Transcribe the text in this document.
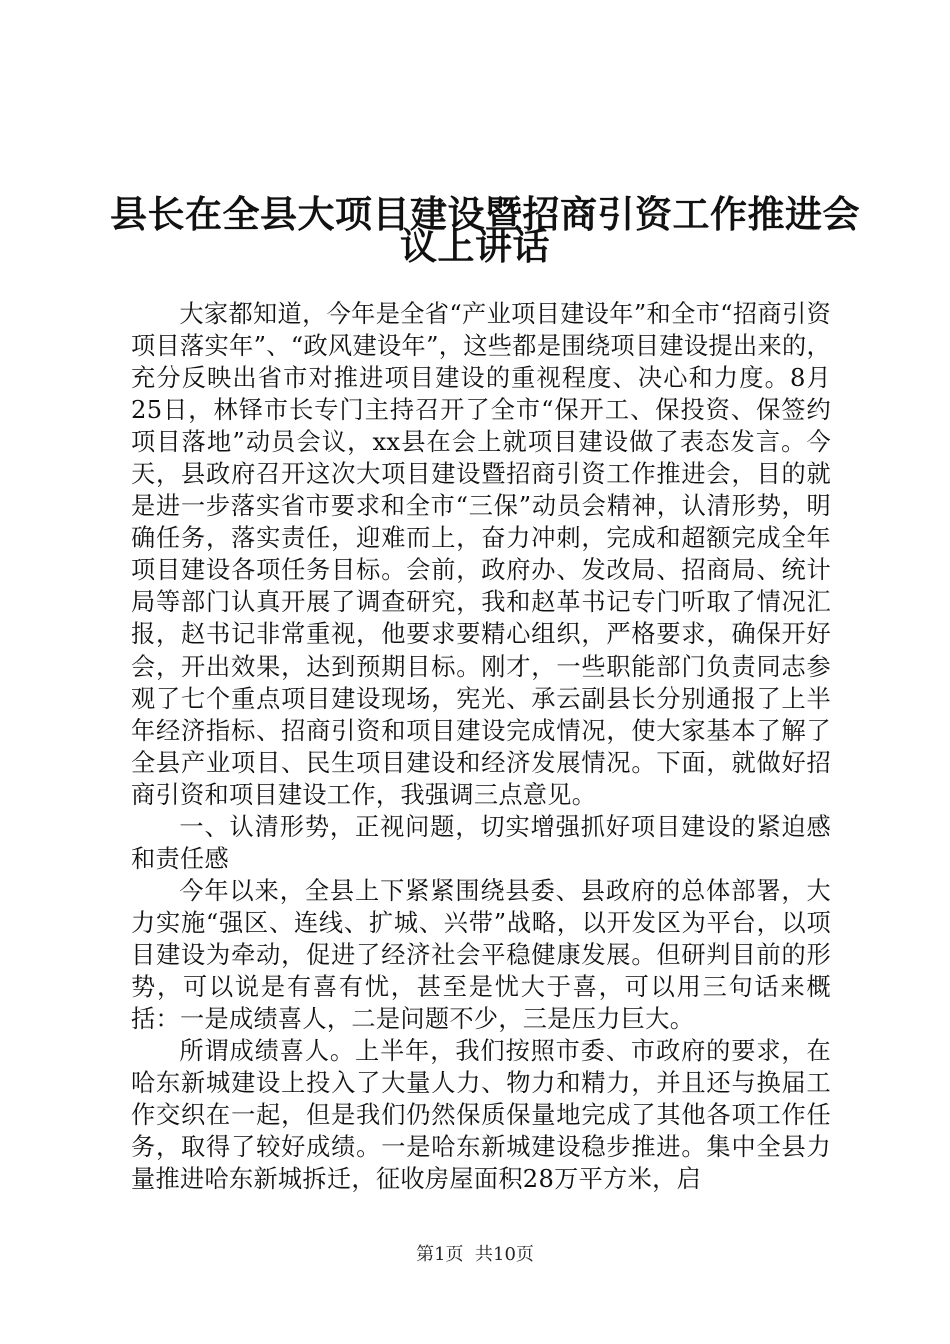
县长在全县大项目建设暨招商引资工作推进会
议上讲话

大家都知道，今年是全省“产业项目建设年”和全市“招商引资项目落实年”、“政风建设年”，这些都是围绕项目建设提出来的，充分反映出省市对推进项目建设的重视程度、决心和力度。8月25日，林铎市长专门主持召开了全市“保开工、保投资、保签约项目落地”动员会议，xx县在会上就项目建设做了表态发言。今天，县政府召开这次大项目建设暨招商引资工作推进会，目的就是进一步落实省市要求和全市“三保”动员会精神，认清形势，明确任务，落实责任，迎难而上，奋力冲刺，完成和超额完成全年项目建设各项任务目标。会前，政府办、发改局、招商局、统计局等部门认真开展了调查研究，我和赵革书记专门听取了情况汇报，赵书记非常重视，他要求要精心组织，严格要求，确保开好会，开出效果，达到预期目标。刚才，一些职能部门负责同志参观了七个重点项目建设现场，宪光、承云副县长分别通报了上半年经济指标、招商引资和项目建设完成情况，使大家基本了解了全县产业项目、民生项目建设和经济发展情况。下面，就做好招商引资和项目建设工作，我强调三点意见。

一、认清形势，正视问题，切实增强抓好项目建设的紧迫感和责任感

今年以来，全县上下紧紧围绕县委、县政府的总体部署，大力实施“强区、连线、扩城、兴带”战略，以开发区为平台，以项目建设为牵动，促进了经济社会平稳健康发展。但研判目前的形势，可以说是有喜有忧，甚至是忧大于喜，可以用三句话来概括：一是成绩喜人，二是问题不少，三是压力巨大。

所谓成绩喜人。上半年，我们按照市委、市政府的要求，在哈东新城建设上投入了大量人力、物力和精力，并且还与换届工作交织在一起，但是我们仍然保质保量地完成了其他各项工作任务，取得了较好成绩。一是哈东新城建设稳步推进。集中全县力量推进哈东新城拆迁，征收房屋面积28万平方米，启

第1页 共10页
